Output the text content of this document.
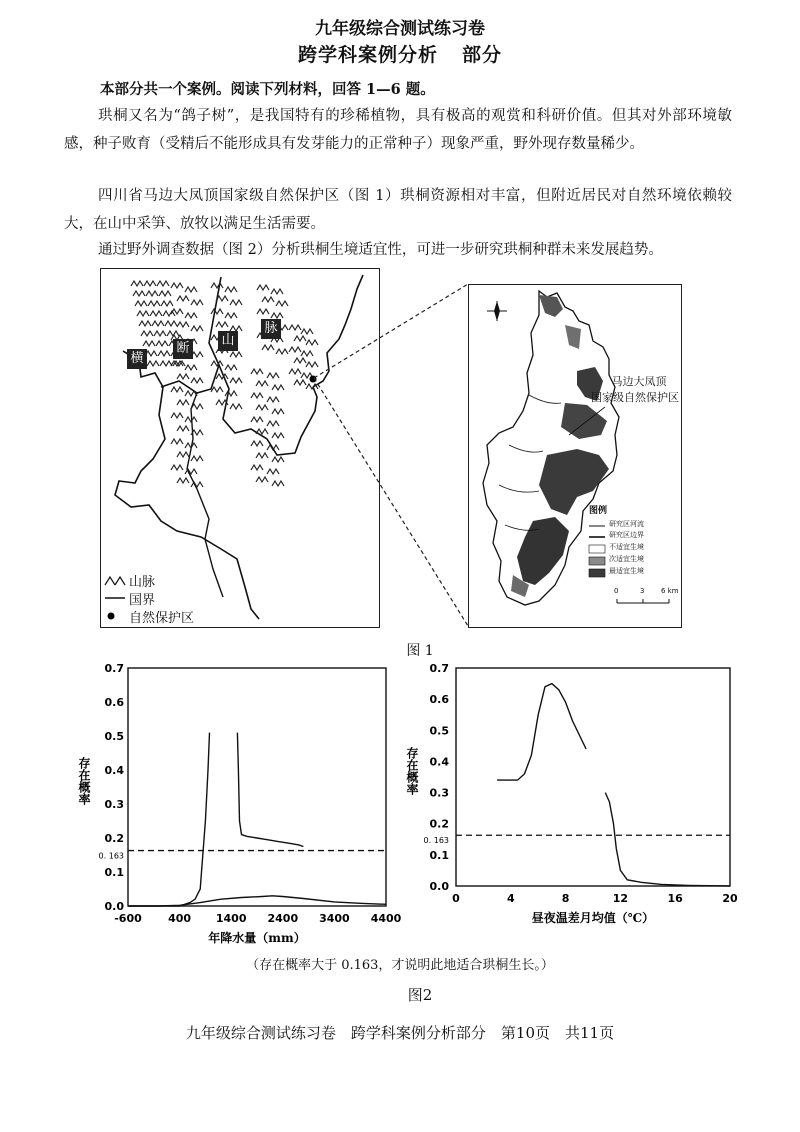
九年级综合测试练习卷
跨学科案例分析 部分
本部分共一个案例。阅读下列材料，回答 1—6 题。
珙桐又名为“鸽子树”，是我国特有的珍稀植物，具有极高的观赏和科研价值。但其对外部环境敏感，种子败育（受精后不能形成具有发芽能力的正常种子）现象严重，野外现存数量稀少。
四川省马边大凤顶国家级自然保护区（图 1）珙桐资源相对丰富，但附近居民对自然环境依赖较大，在山中采笋、放牧以满足生活需要。
通过野外调查数据（图 2）分析珙桐生境适宜性，可进一步研究珙桐种群未来发展趋势。
横
断
山
脉
山脉
国界
自然保护区
马边大凤顶
国家级自然保护区
图例
研究区河流
研究区边界
不适宜生境
次适宜生境
最适宜生境
0	3 6 km
图 1
0.0
0.1
0.2
0.3
0.4
0.5
0.6
0.7
-600 400 1400 2400 3400 4400
年降水量（mm）
存在概率
0. 163
0.0
0.1
0.2
0.3
0.4
0.5
0.6
0.7
0	4	8	12	16	20
昼夜温差月均值（℃）
存在概率
0. 163
（存在概率大于 0.163，才说明此地适合珙桐生长。）
图2
九年级综合测试练习卷　跨学科案例分析部分　第10页　共11页
